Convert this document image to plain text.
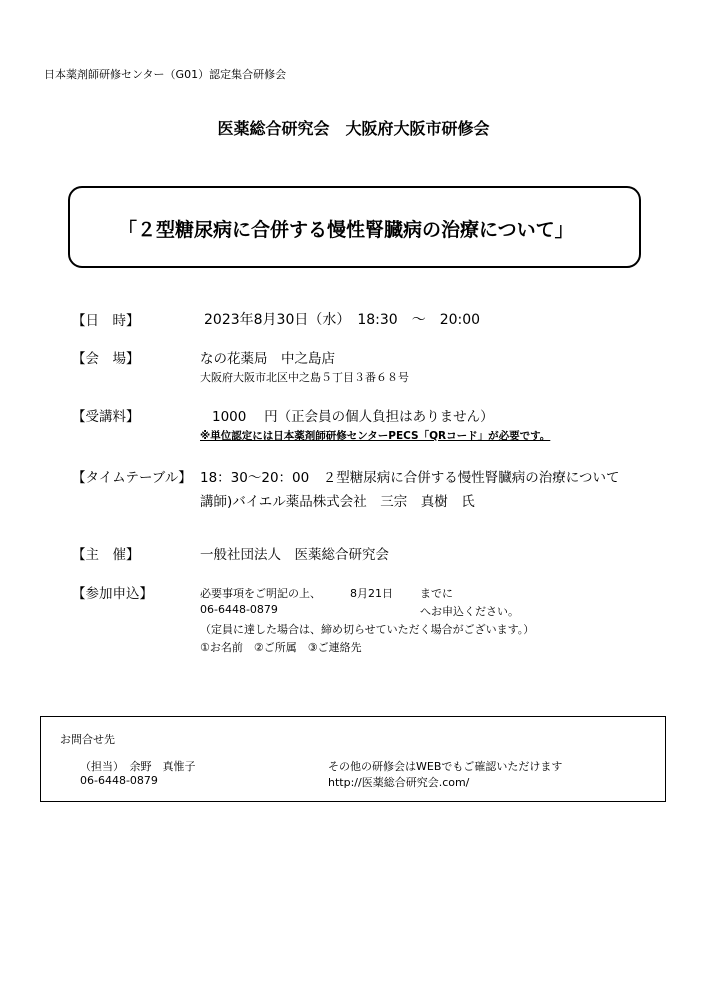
日本薬剤師研修センター（G01）認定集合研修会
医薬総合研究会　大阪府大阪市研修会
「２型糖尿病に合併する慢性腎臓病の治療について」
【日　時】	2023年8月30日（水）　18:30　～　20:00
【会　場】	なの花薬局　中之島店
大阪府大阪市北区中之島５丁目３番６８号
【受講料】	1000　 円（正会員の個人負担はありません）
※単位認定には日本薬剤師研修センターPECS「QRコード」が必要です。
【タイムテーブル】 18：30～20：00　２型糖尿病に合併する慢性腎臓病の治療について
講師)バイエル薬品株式会社　三宗　真樹　氏
【主　催】	一般社団法人　医薬総合研究会
【参加申込】	必要事項をご明記の上、	8月21日 までに
06-6448-0879	へお申込ください。
（定員に達した場合は、締め切らせていただく場合がございます。）
①お名前　②ご所属　③ご連絡先
お問合せ先
（担当）　余野　真惟子
06-6448-0879
その他の研修会はWEBでもご確認いただけます
http://医薬総合研究会.com/
